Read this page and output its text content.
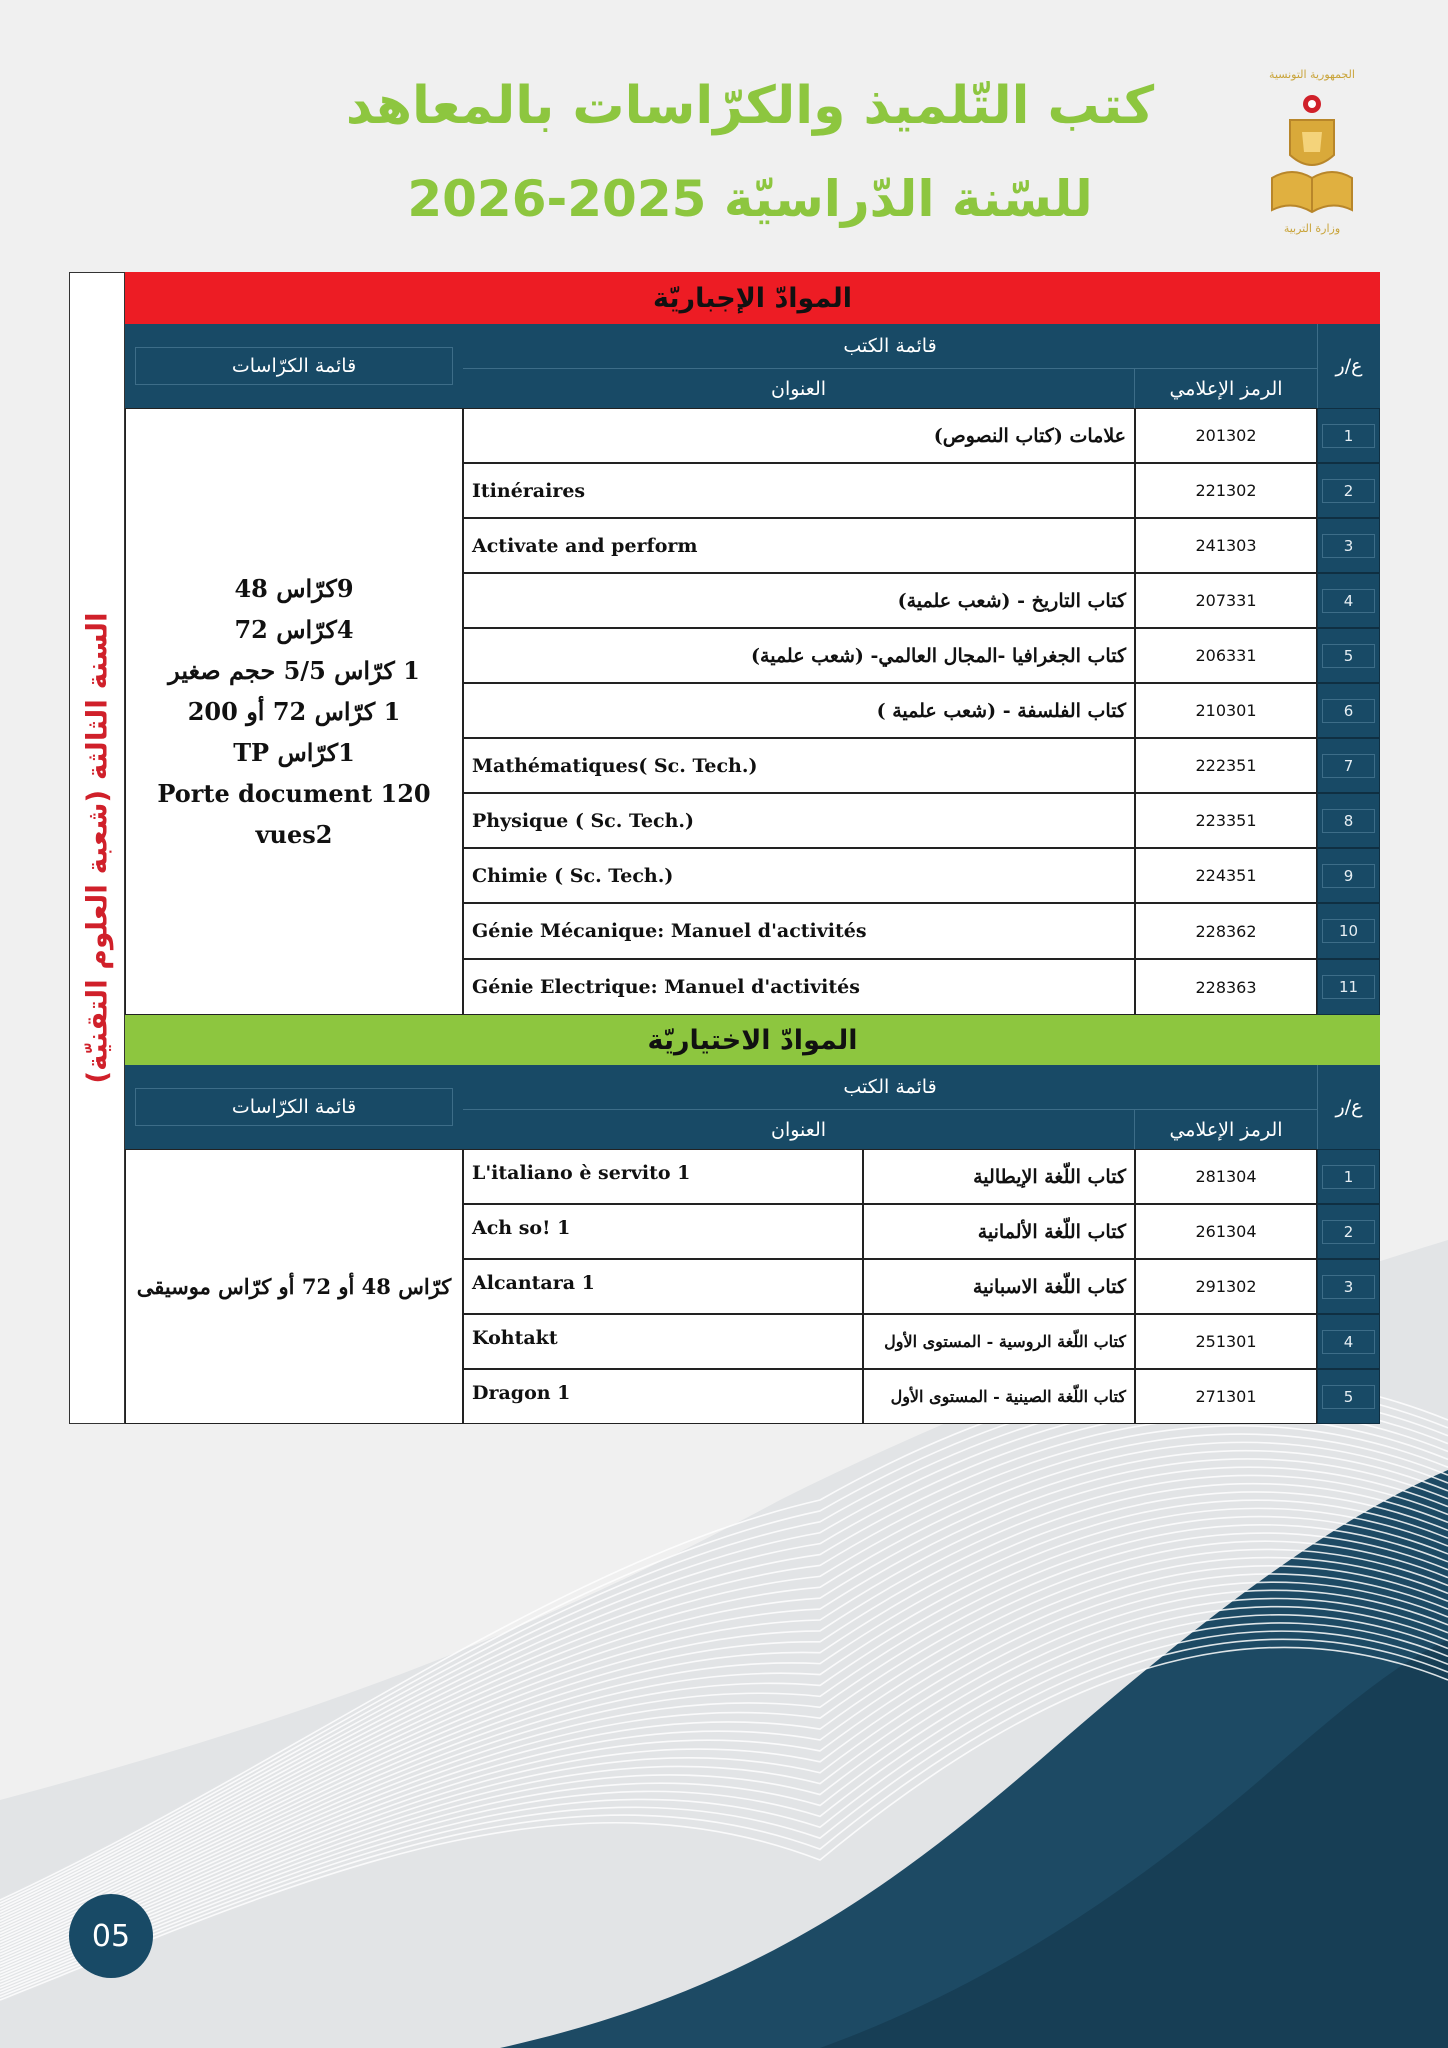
كتب التّلميذ والكرّاسات بالمعاهد
للسّنة الدّراسيّة 2025-2026
الجمهورية التونسية
وزارة التربية
السنة الثالثة (شعبة العلوم التقنيّة)
الموادّ الإجباريّة
قائمة الكرّاسات
قائمة الكتب
العنوان	الرمز الإعلامي
ع/ر
9كرّاس 48
4كرّاس 72
1 كرّاس 5/5 حجم صغير
1 كرّاس 72 أو 200
1كرّاس TP
Porte document 120 vues2
علامات (كتاب النصوص)	201302	1
Itinéraires	221302	2
Activate and perform	241303	3
كتاب التاريخ - (شعب علمية)	207331	4
كتاب الجغرافيا -المجال العالمي- (شعب علمية)	206331	5
كتاب الفلسفة - (شعب علمية )	210301	6
Mathématiques( Sc. Tech.)	222351	7
Physique ( Sc. Tech.)	223351	8
Chimie ( Sc. Tech.)	224351	9
Génie Mécanique: Manuel d'activités	228362	10
Génie Electrique: Manuel d'activités	228363	11
الموادّ الاختياريّة
قائمة الكرّاسات
قائمة الكتب
العنوان	الرمز الإعلامي
ع/ر
كرّاس 48 أو 72 أو كرّاس موسيقى
L'italiano è servito 1	كتاب اللّغة الإيطالية	281304	1
Ach so! 1	كتاب اللّغة الألمانية	261304	2
Alcantara 1	كتاب اللّغة الاسبانية	291302	3
Kohtakt	كتاب اللّغة الروسية - المستوى الأول	251301	4
Dragon 1	كتاب اللّغة الصينية - المستوى الأول	271301	5
05
